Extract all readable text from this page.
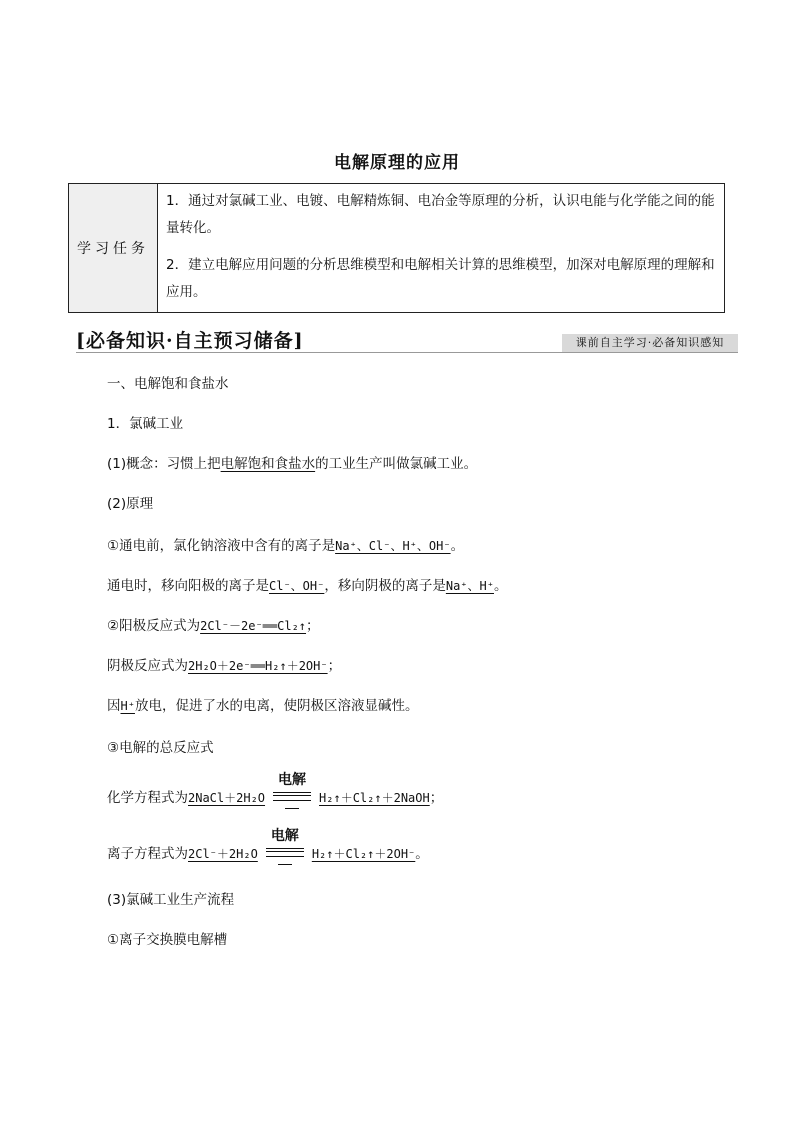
电解原理的应用
学习任务	

1．通过对氯碱工业、电镀、电解精炼铜、电冶金等原理的分析，认识电能与化学能之间的能量转化。

2．建立电解应用问题的分析思维模型和电解相关计算的思维模型，加深对电解原理的理解和应用。

[必备知识·自主预习储备]	课前自主学习·必备知识感知
一、电解饱和食盐水
1．氯碱工业
(1)概念：习惯上把电解饱和食盐水的工业生产叫做氯碱工业。
(2)原理
①通电前，氯化钠溶液中含有的离子是Na⁺、Cl⁻、H⁺、OH⁻。
通电时，移向阳极的离子是Cl⁻、OH⁻，移向阴极的离子是Na⁺、H⁺。
②阳极反应式为2Cl⁻－2e⁻══Cl₂↑；
阴极反应式为2H₂O＋2e⁻══H₂↑＋2OH⁻；
因H⁺放电，促进了水的电离，使阴极区溶液显碱性。
③电解的总反应式
化学方程式为2NaCl＋2H₂O
电解
H₂↑＋Cl₂↑＋2NaOH；
离子方程式为2Cl⁻＋2H₂O
电解
H₂↑＋Cl₂↑＋2OH⁻。
(3)氯碱工业生产流程
①离子交换膜电解槽
